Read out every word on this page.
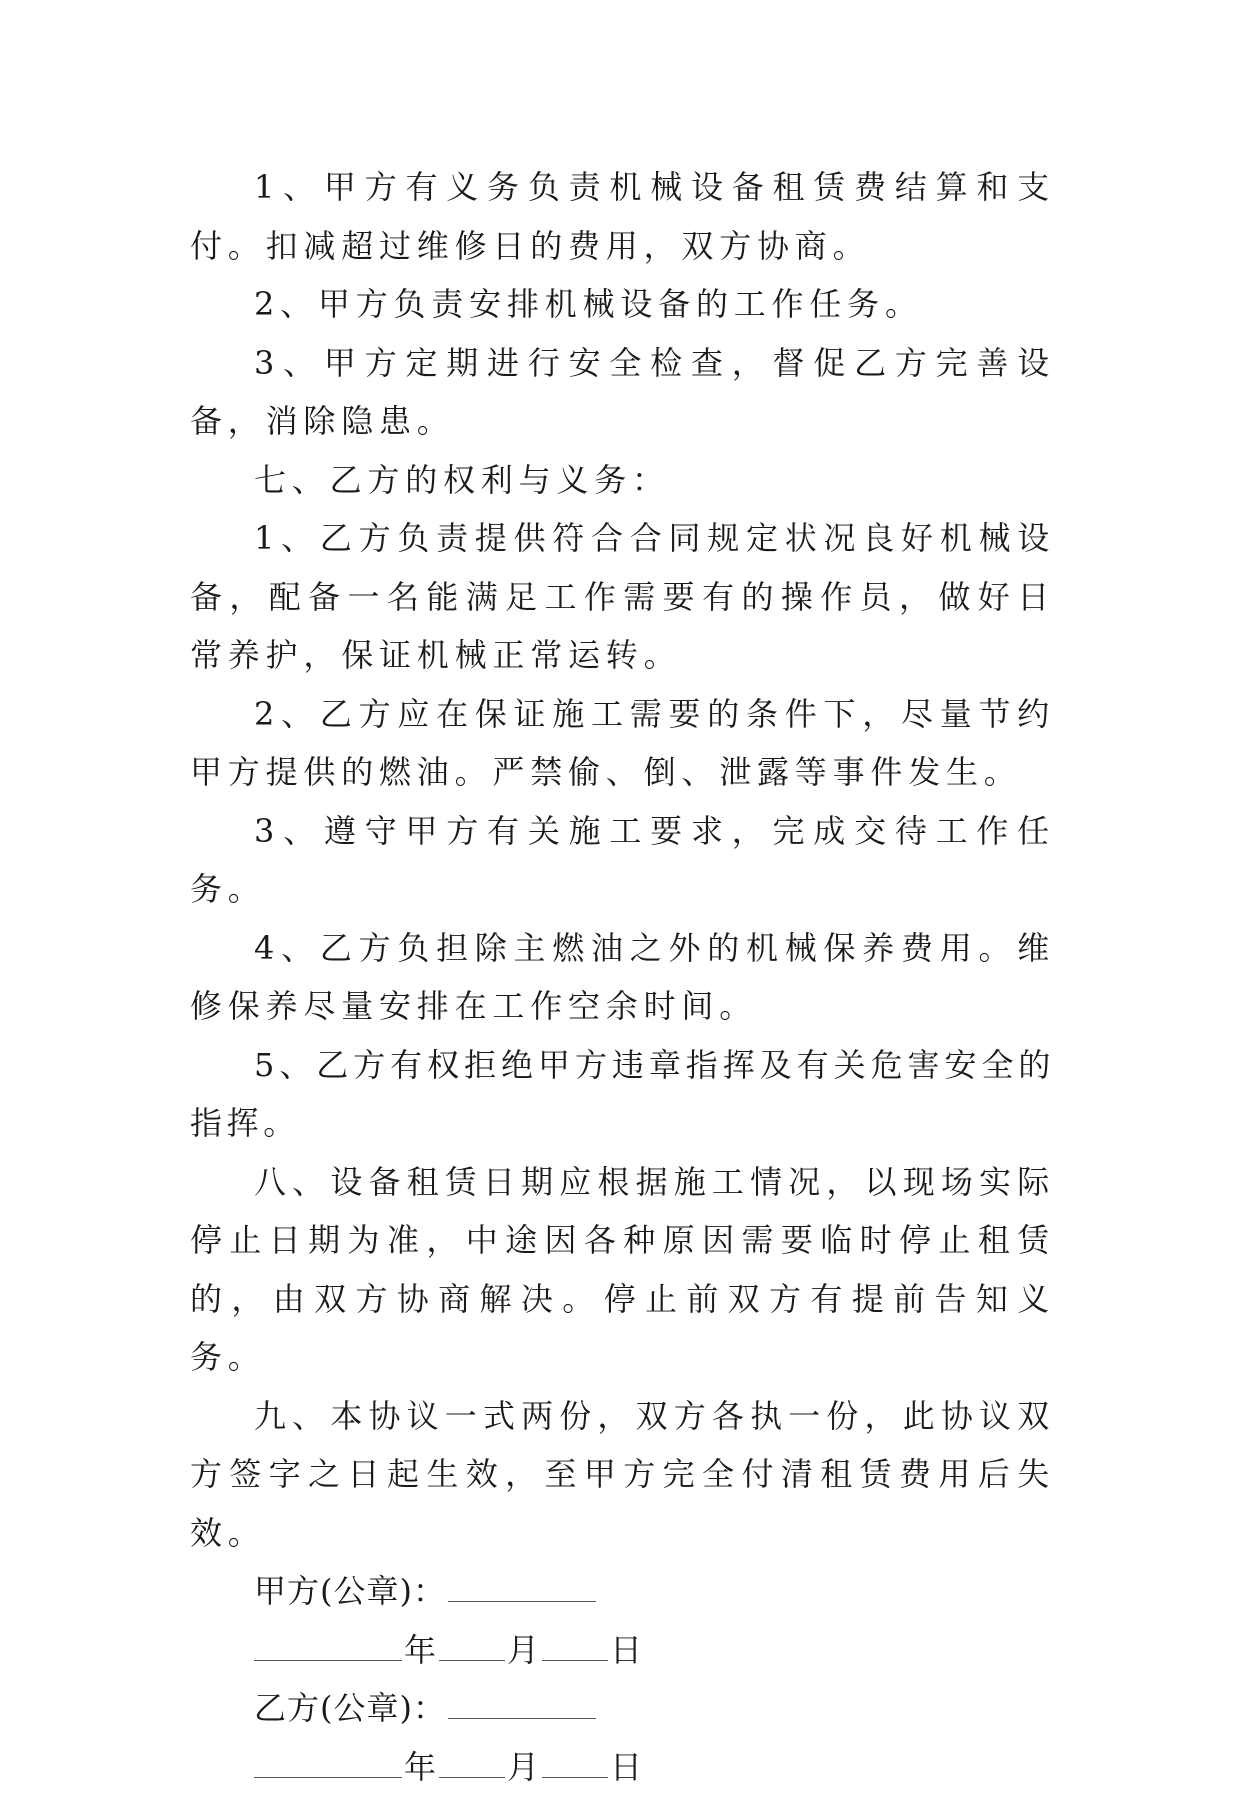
1、甲方有义务负责机械设备租赁费结算和支付。扣减超过维修日的费用，双方协商。

2、甲方负责安排机械设备的工作任务。

3、甲方定期进行安全检查，督促乙方完善设备，消除隐患。

七、乙方的权利与义务：

1、乙方负责提供符合合同规定状况良好机械设备，配备一名能满足工作需要有的操作员，做好日常养护，保证机械正常运转。

2、乙方应在保证施工需要的条件下，尽量节约甲方提供的燃油。严禁偷、倒、泄露等事件发生。

3、遵守甲方有关施工要求，完成交待工作任务。

4、乙方负担除主燃油之外的机械保养费用。维修保养尽量安排在工作空余时间。

5、乙方有权拒绝甲方违章指挥及有关危害安全的指挥。

八、设备租赁日期应根据施工情况，以现场实际停止日期为准，中途因各种原因需要临时停止租赁的，由双方协商解决。停止前双方有提前告知义务。

九、本协议一式两份，双方各执一份，此协议双方签字之日起生效，至甲方完全付清租赁费用后失效。

甲方(公章)：

年 月 日

乙方(公章)：

年 月 日
